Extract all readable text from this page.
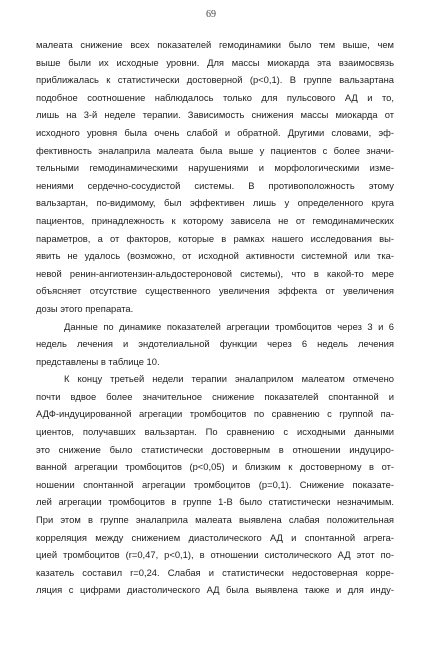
69
малеата снижение всех показателей гемодинамики было тем выше, чем
выше были их исходные уровни. Для массы миокарда эта взаимосвязь
приближалась к статистически достоверной (p<0,1). В группе вальзартана
подобное соотношение наблюдалось только для пульсового АД и то,
лишь на 3-й неделе терапии. Зависимость снижения массы миокарда от
исходного уровня была очень слабой и обратной. Другими словами, эф-
фективность эналаприла малеата была выше у пациентов с более значи-
тельными гемодинамическими нарушениями и морфологическими изме-
нениями сердечно-сосудистой системы. В противоположность этому
вальзартан, по-видимому, был эффективен лишь у определенного круга
пациентов, принадлежность к которому зависела не от гемодинамических
параметров, а от факторов, которые в рамках нашего исследования вы-
явить не удалось (возможно, от исходной активности системной или тка-
невой ренин-ангиотензин-альдостероновой системы), что в какой-то мере
объясняет отсутствие существенного увеличения эффекта от увеличения
дозы этого препарата.
Данные по динамике показателей агрегации тромбоцитов через 3 и 6
недель лечения и эндотелиальной функции через 6 недель лечения
представлены в таблице 10.
К концу третьей недели терапии эналаприлом малеатом отмечено
почти вдвое более значительное снижение показателей спонтанной и
АДФ-индуцированной агрегации тромбоцитов по сравнению с группой па-
циентов, получавших вальзартан. По сравнению с исходными данными
это снижение было статистически достоверным в отношении индуциро-
ванной агрегации тромбоцитов (p<0,05) и близким к достоверному в от-
ношении спонтанной агрегации тромбоцитов (p=0,1). Снижение показате-
лей агрегации тромбоцитов в группе 1-В было статистически незначимым.
При этом в группе эналаприла малеата выявлена слабая положительная
корреляция между снижением диастолического АД и спонтанной агрега-
цией тромбоцитов (r=0,47, p<0,1), в отношении систолического АД этот по-
казатель составил r=0,24. Слабая и статистически недостоверная корре-
ляция с цифрами диастолического АД была выявлена также и для инду-
